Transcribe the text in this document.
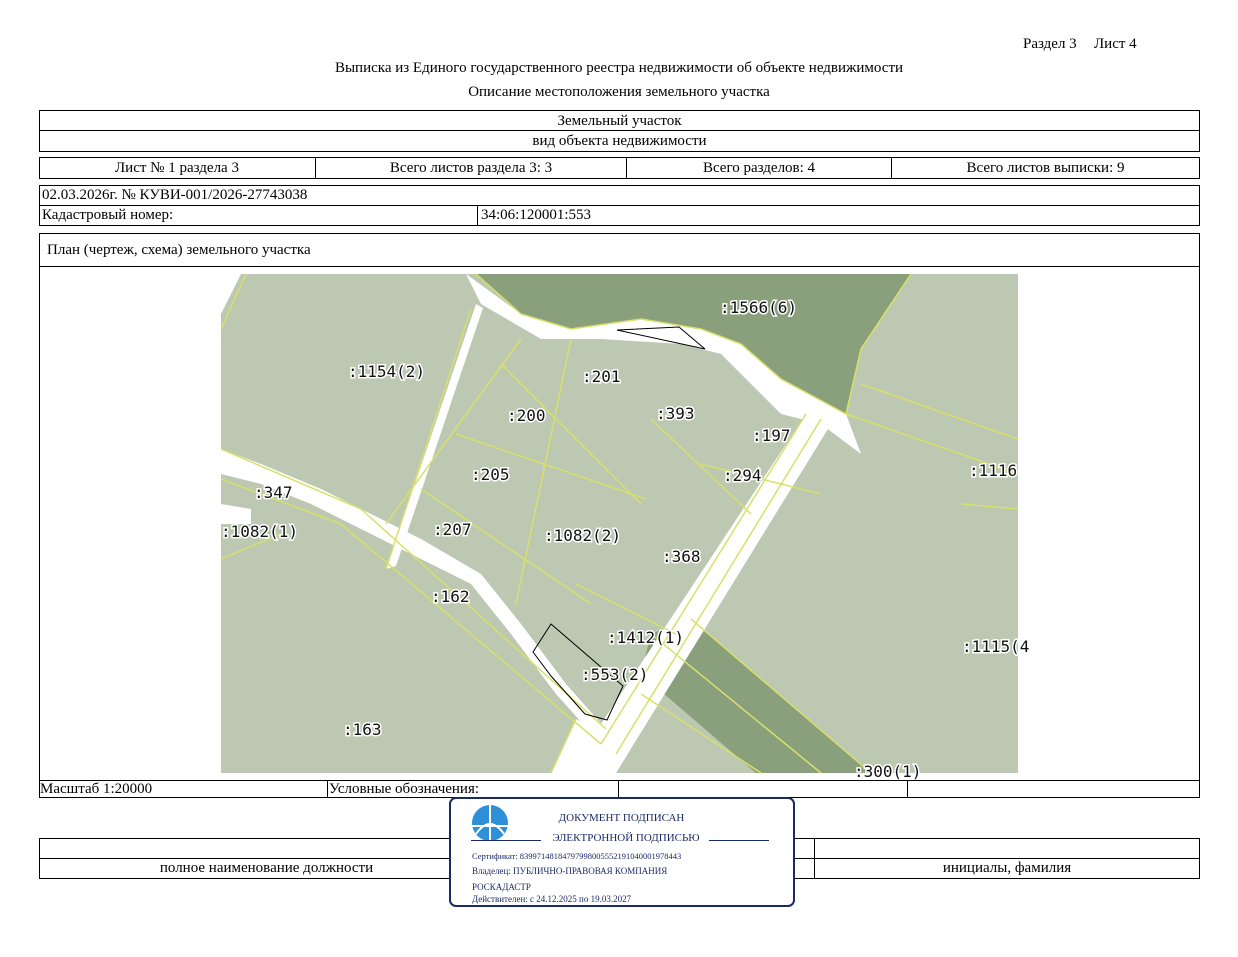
Раздел 3 Лист 4
Выписка из Единого государственного реестра недвижимости об объекте недвижимости
Описание местоположения земельного участка
Земельный участок
вид объекта недвижимости
Лист № 1 раздела 3	Всего листов раздела 3: 3	Всего разделов: 4	Всего листов выписки: 9
02.03.2026г. № КУВИ-001/2026-27743038
Кадастровый номер:	34:06:120001:553
План (чертеж, схема) земельного участка
:1566(6)
:1154(2)	:201
:200	:393
:197
:205	:294	:1116
:347
:1082(1)	:207	:1082(2)
:368
:162
:1412(1)	:1115(4
:553(2)
:163
:300(1)
Масштаб 1:20000	Условные обозначения:
полное наименование должности	инициалы, фамилия
ДОКУМЕНТ ПОДПИСАН
ЭЛЕКТРОННОЙ ПОДПИСЬЮ
Сертификат: 839971481847979980055521910400019784​43
Владелец: ПУБЛИЧНО-ПРАВОВАЯ КОМПАНИЯ
РОСКАДАСТР
Действителен: с 24.12.2025 по 19.03.2027
